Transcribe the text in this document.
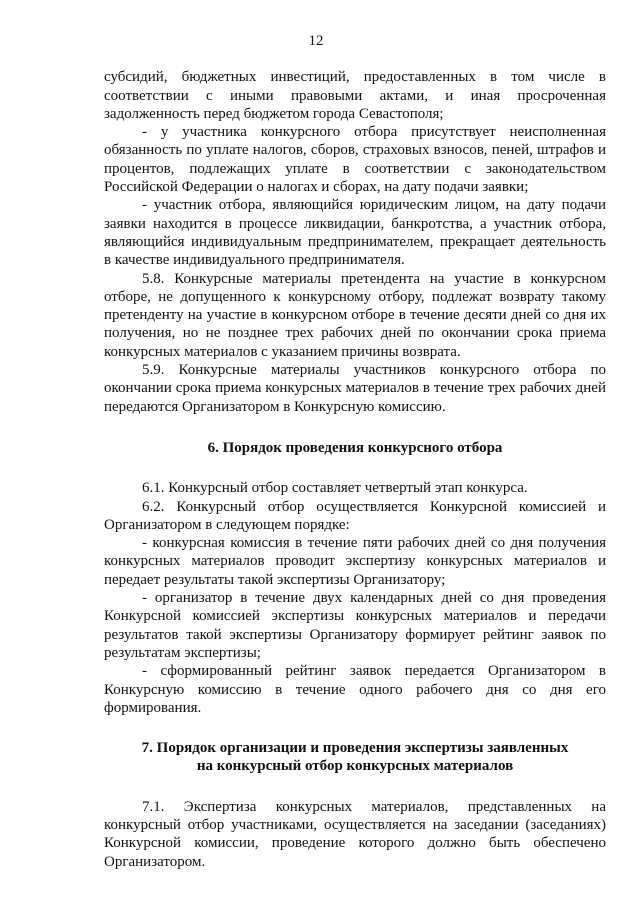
12

субсидий, бюджетных инвестиций, предоставленных в том числе в соответствии с иными правовыми актами, и иная просроченная задолженность перед бюджетом города Севастополя;

- у участника конкурсного отбора присутствует неисполненная обязанность по уплате налогов, сборов, страховых взносов, пеней, штрафов и процентов, подлежащих уплате в соответствии с законодательством Российской Федерации о налогах и сборах, на дату подачи заявки;

- участник отбора, являющийся юридическим лицом, на дату подачи заявки находится в процессе ликвидации, банкротства, а участник отбора, являющийся индивидуальным предпринимателем, прекращает деятельность в качестве индивидуального предпринимателя.

5.8. Конкурсные материалы претендента на участие в конкурсном отборе, не допущенного к конкурсному отбору, подлежат возврату такому претенденту на участие в конкурсном отборе в течение десяти дней со дня их получения, но не позднее трех рабочих дней по окончании срока приема конкурсных материалов с указанием причины возврата.

5.9. Конкурсные материалы участников конкурсного отбора по окончании срока приема конкурсных материалов в течение трех рабочих дней передаются Организатором в Конкурсную комиссию.

6. Порядок проведения конкурсного отбора

6.1. Конкурсный отбор составляет четвертый этап конкурса.

6.2. Конкурсный отбор осуществляется Конкурсной комиссией и Организатором в следующем порядке:

- конкурсная комиссия в течение пяти рабочих дней со дня получения конкурсных материалов проводит экспертизу конкурсных материалов и передает результаты такой экспертизы Организатору;

- организатор в течение двух календарных дней со дня проведения Конкурсной комиссией экспертизы конкурсных материалов и передачи результатов такой экспертизы Организатору формирует рейтинг заявок по результатам экспертизы;

- сформированный рейтинг заявок передается Организатором в Конкурсную комиссию в течение одного рабочего дня со дня его формирования.

7. Порядок организации и проведения экспертизы заявленных
на конкурсный отбор конкурсных материалов

7.1. Экспертиза конкурсных материалов, представленных на конкурсный отбор участниками, осуществляется на заседании (заседаниях) Конкурсной комиссии, проведение которого должно быть обеспечено Организатором.
